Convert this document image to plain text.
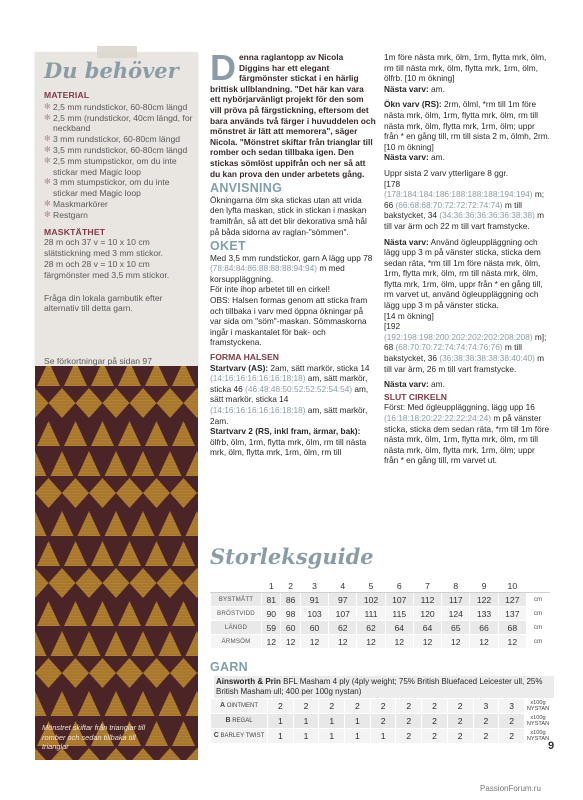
Du behöver
MATERIAL
✻ 2,5 mm rundstickor, 60-80cm längd
✻ 2,5 mm (rundstickor, 40cm längd, for neckband
✻ 3 mm rundstickor, 60-80cm längd
✻ 3,5 mm rundstickor, 60-80cm längd
✻ 2,5 mm stumpstickor, om du inte stickar med Magic loop
✻ 3 mm stumpstickor, om du inte stickar med Magic loop
✻ Maskmarkörer
✻ Restgarn
MASKTÄTHET
28 m och 37 v = 10 x 10 cm slätstickning med 3 mm stickor.
28 m och 28 v = 10 x 10 cm färgmönster med 3,5 mm stickor.
Fråga din lokala garnbutik efter alternativ till detta garn.
Se förkortningar på sidan 97
Mönstret skiftar från trianglar till romber och sedan tillbaka till trianglar

Denna raglantopp av Nicola Diggins har ett elegant färgmönster stickat i en härlig brittisk ullblandning. "Det här kan vara ett nybörjarvänligt projekt för den som vill pröva på färgstickning, eftersom det bara används två färger i huvuddelen och mönstret är lätt att memorera", säger Nicola. "Mönstret skiftar från trianglar till romber och sedan tillbaka igen. Den stickas sömlöst uppifrån och ner så att du kan prova den under arbetets gång.

ANVISNING

Ökningarna ölm ska stickas utan att vrida den lyfta maskan, stick in stickan i maskan framifrån, så att det blir dekorativa små hål på båda sidorna av raglan-"sömmen".

OKET

Med 3,5 mm rundstickor, garn A lägg upp 78 (78:84:84:86:88:88:88:94:94) m med korsuppläggning.

För inte ihop arbetet till en cirkel!

OBS: Halsen formas genom att sticka fram och tillbaka i varv med öppna ökningar på var sida om "söm"-maskan. Sömmaskorna ingår i maskantalet för bak- och framstyckena.

FORMA HALSEN

Startvarv (AS): 2am, sätt markör, sticka 14 (14:16:16:16:16:16:18:18) am, sätt markör, sticka 46 (46:48:48:50:52:52:52:54:54) am, sätt markör, sticka 14 (14:16:16:16:16:16:18:18) am, sätt markör, 2am.

Startvarv 2 (RS, inkl fram, ärmar, bak): ölfrb, ölm, 1rm, flytta mrk, ölm, rm till nästa mrk, ölm, flytta mrk, 1rm, ölm, rm till

1m före nästa mrk, ölm, 1rm, flytta mrk, ölm, rm till nästa mrk, ölm, flytta mrk, 1rm, ölm, ölfrb. [10 m ökning]
Nästa varv: am.

Ökn varv (RS): 2rm, ölml, *rm till 1m före nästa mrk, ölm, 1rm, flytta mrk, ölm, rm till nästa mrk, ölm, flytta mrk, 1rm, ölm; uppr från * en gång till, rm till sista 2 m, ölmh, 2rm. [10 m ökning]
Nästa varv: am.

Uppr sista 2 varv ytterligare 8 ggr.
[178 (178:184:184:186:188:188:188:194:194) m; 66 (66:68:68:70:72:72:72:74:74) m till bakstycket, 34 (34:36:36:36:36:36:38:38) m till var ärm och 22 m till vart framstycke.

Nästa varv: Använd ögleuppläggning och lägg upp 3 m på vänster sticka, sticka dem sedan räta, *rm till 1m före nästa mrk, ölm, 1rm, flytta mrk, ölm, rm till nästa mrk, ölm, flytta mrk, 1rm, ölm, uppr från * en gång till, rm varvet ut, använd ögleuppläggning och lägg upp 3 m på vänster sticka.
[14 m ökning]
[192 (192:198:198:200:202:202:202:208:208) m]; 68 (68:70:70:72:74:74:74:76:76) m till bakstycket, 36 (36:38:38:38:38:38:40:40) m till var ärm, 26 m till vart framstycke.

Nästa varv: am.

SLUT CIRKELN

Först: Med ögleuppläggning, lägg upp 16 (16:18:18:20:22:22:22:24:24) m på vänster sticka, sticka dem sedan räta, *rm till 1m före nästa mrk, ölm, 1rm, flytta mrk, ölm, rm till nästa mrk, ölm, flytta mrk, 1rm, ölm; uppr från * en gång till, rm varvet ut.

Storleksguide
	1	2	3	4	5	6	7	8	9	10	
BYSTMÅTT	81	86	91	97	102	107	112	117	122	127	cm
BRÖSTVIDD	90	98	103	107	111	115	120	124	133	137	cm
LÄNGD	59	60	60	62	62	64	64	65	66	68	cm
ÄRMSÖM	12	12	12	12	12	12	12	12	12	12	cm
GARN
Ainsworth & Prin BFL Masham 4 ply (4ply weight; 75% British Bluefaced Leicester ull, 25% British Masham ull; 400 per 100g nystan)
A OINTMENT	2	2	2	2	2	2	2	2	3	3	x100g NYSTAN
B REGAL	1	1	1	1	2	2	2	2	2	2	x100g NYSTAN
C BARLEY TWIST	1	1	1	1	1	2	2	2	2	2	x100g NYSTAN
9
PassionForum.ru
